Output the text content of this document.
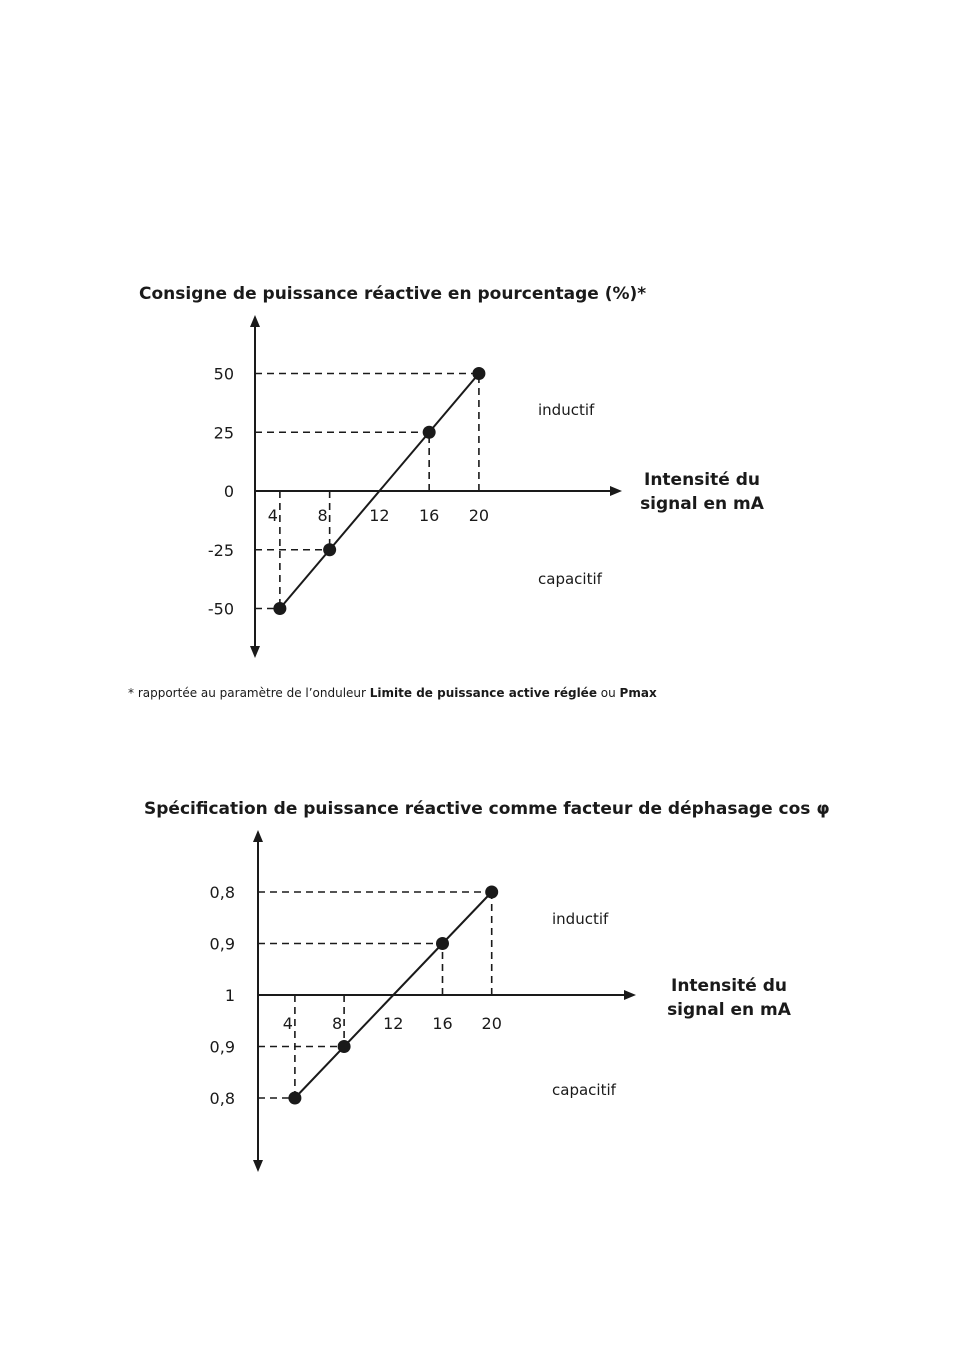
Consigne de puissance réactive en pourcentage (%)*
50
25
0
-25
-50
4 8	12 16 20
inductif
capacitif
Intensité du
signal en mA
* rapportée au paramètre de l’onduleur Limite de puissance active réglée ou Pmax
Spécification de puissance réactive comme facteur de déphasage cos φ
0,8
0,9
1
0,9
0,8
4 8	12 16 20
inductif
capacitif
Intensité du
signal en mA
